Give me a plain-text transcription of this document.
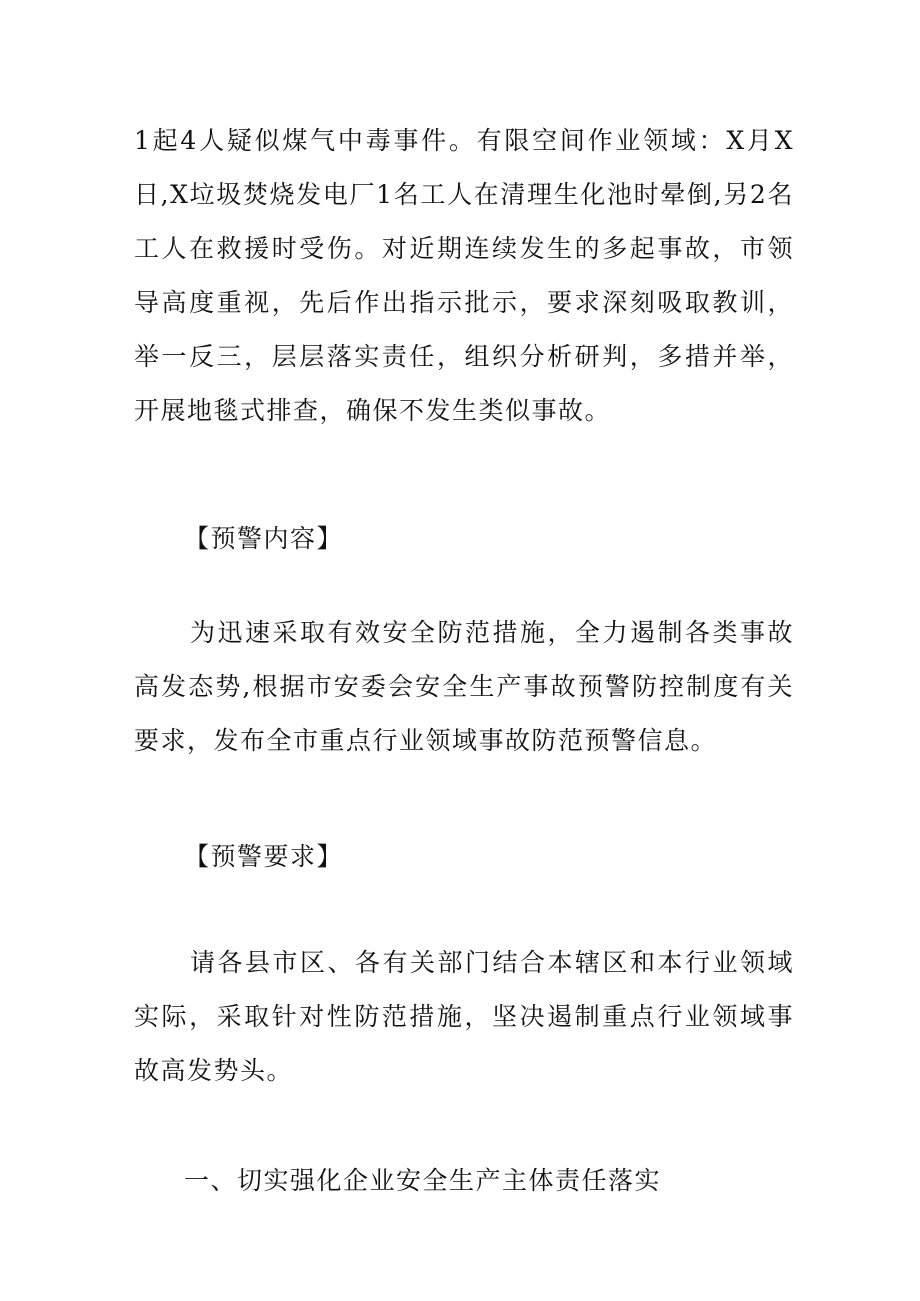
1起4人疑似煤气中毒事件。有限空间作业领域：X月X日,X垃圾焚烧发电厂1名工人在清理生化池时晕倒,另2名工人在救援时受伤。对近期连续发生的多起事故，市领导高度重视，先后作出指示批示，要求深刻吸取教训，举一反三，层层落实责任，组织分析研判，多措并举，开展地毯式排查，确保不发生类似事故。

【预警内容】

为迅速采取有效安全防范措施，全力遏制各类事故高发态势,根据市安委会安全生产事故预警防控制度有关要求，发布全市重点行业领域事故防范预警信息。

【预警要求】

请各县市区、各有关部门结合本辖区和本行业领域实际，采取针对性防范措施，坚决遏制重点行业领域事故高发势头。

一、切实强化企业安全生产主体责任落实
